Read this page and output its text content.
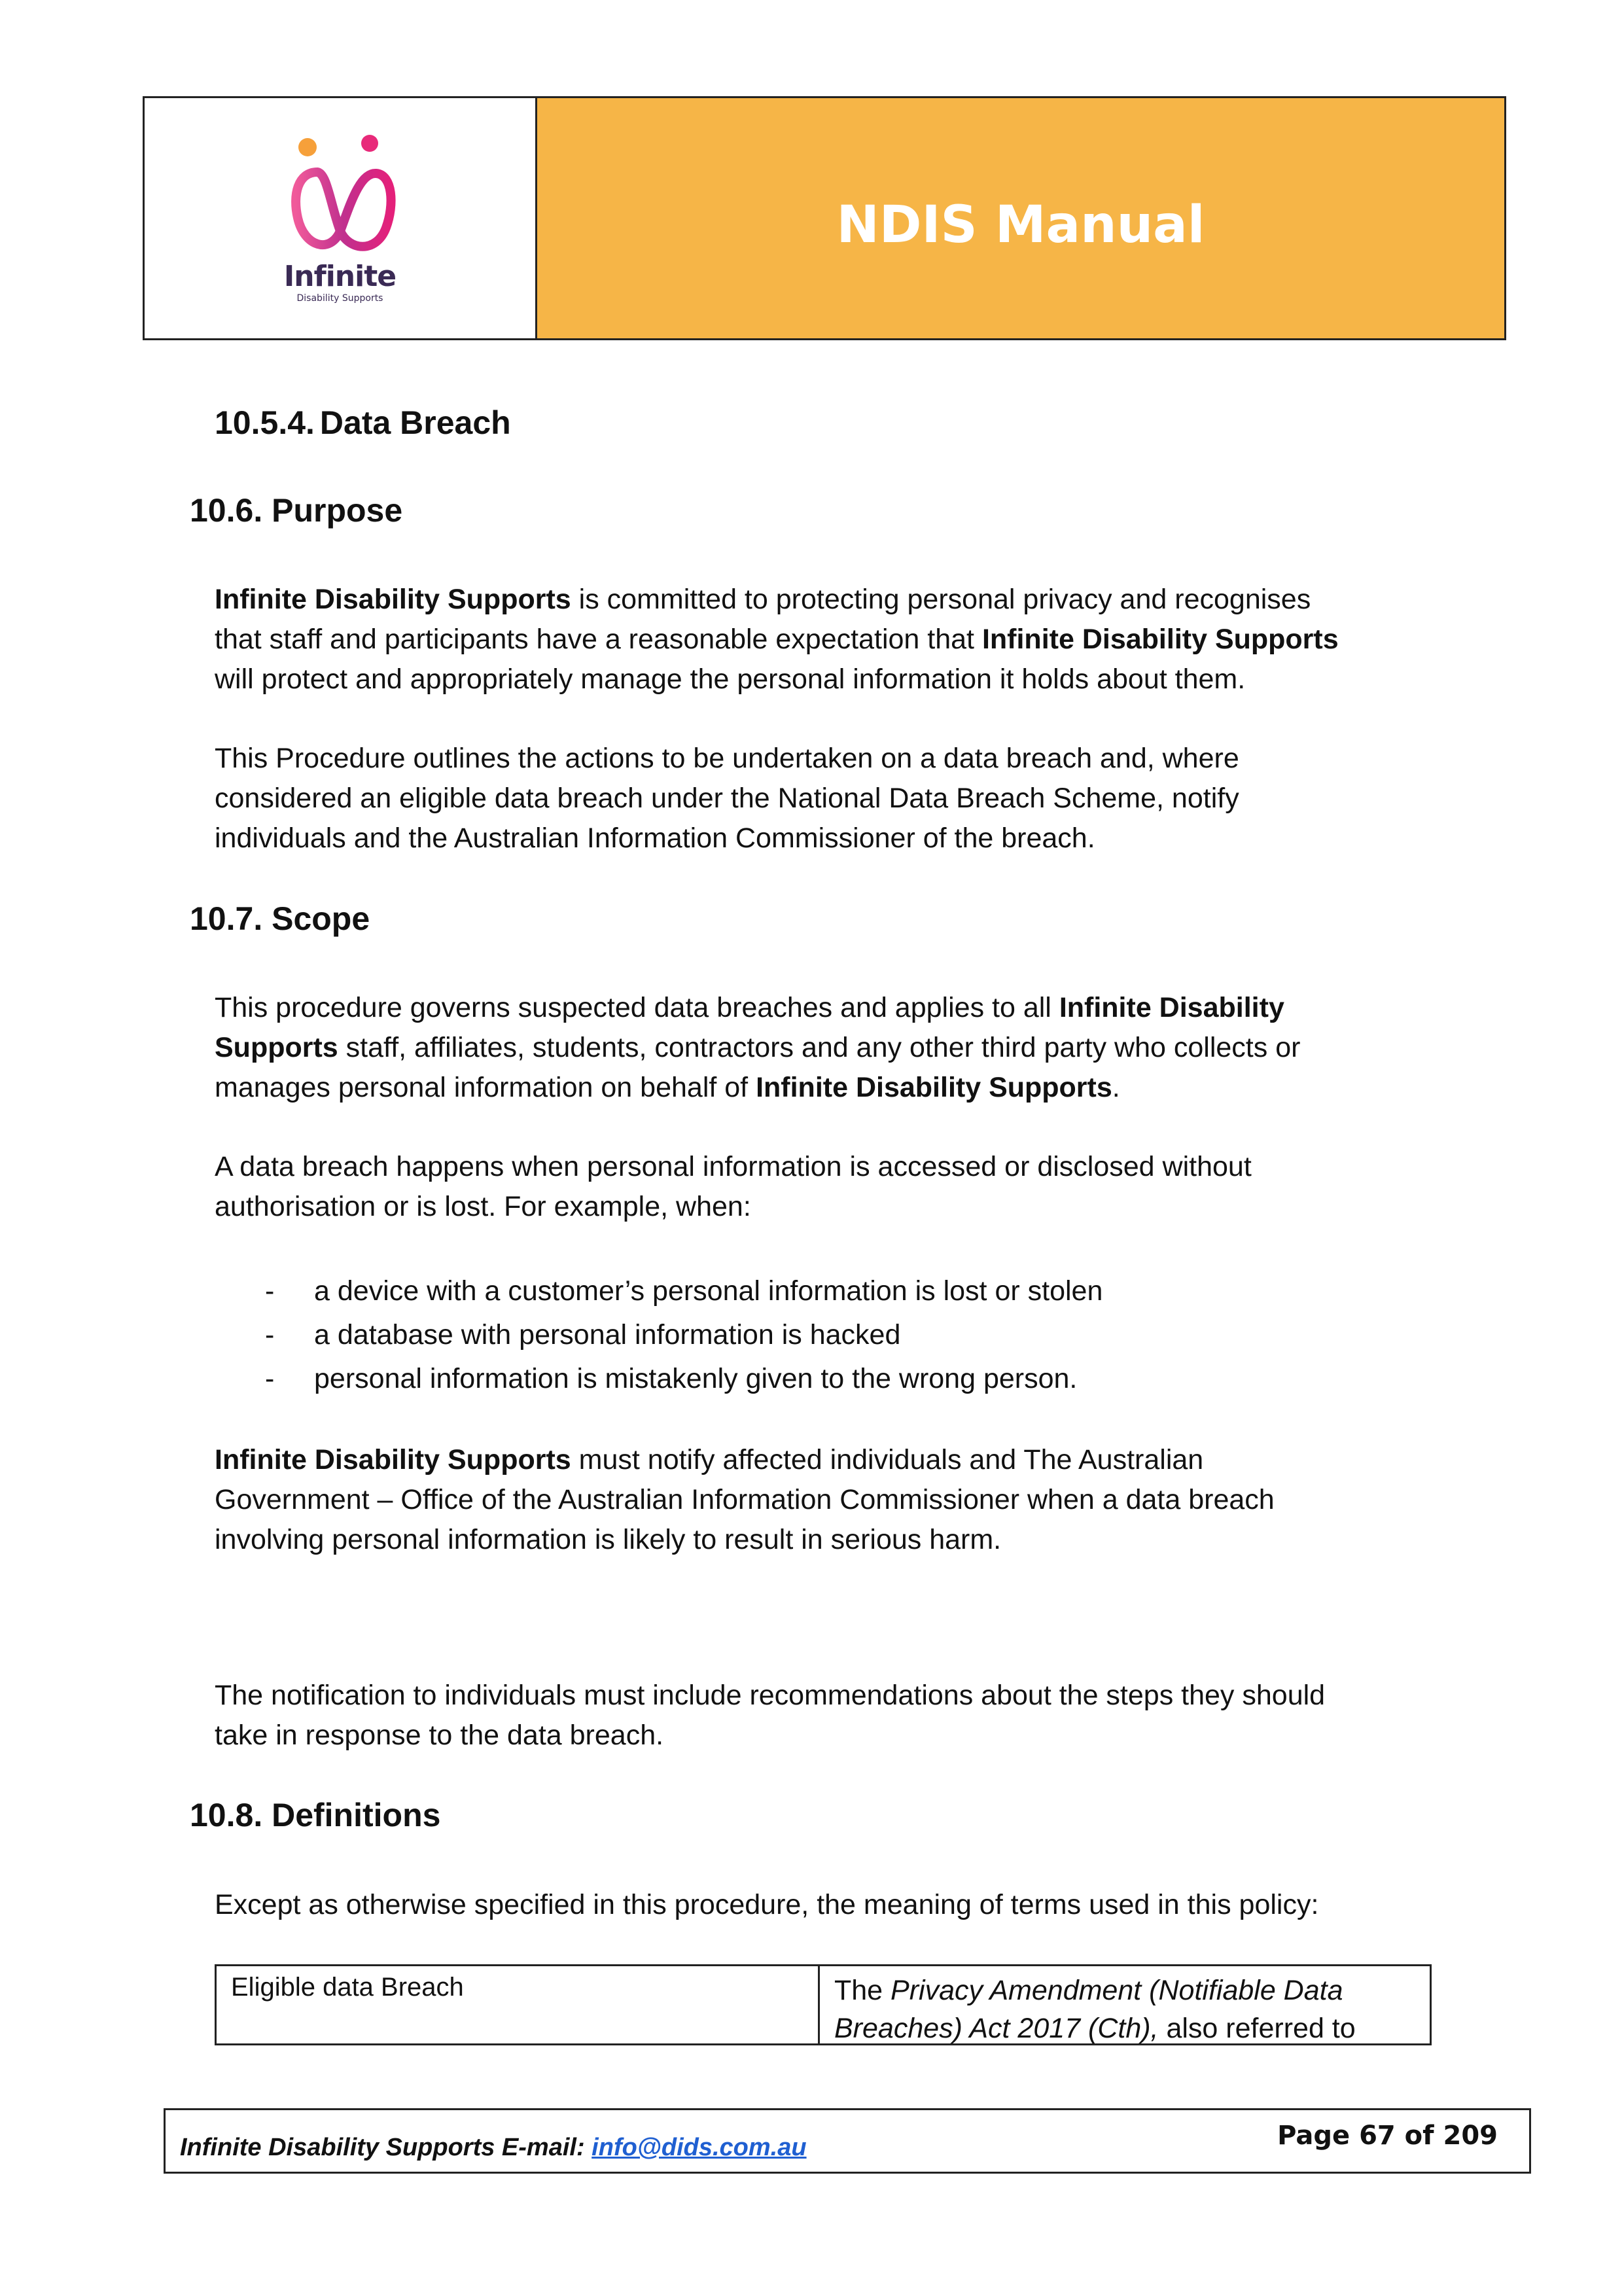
Infinite
Disability Supports
NDIS Manual
10.5.4. Data Breach
10.6. Purpose
Infinite Disability Supports is committed to protecting personal privacy and recognises
that staff and participants have a reasonable expectation that Infinite Disability Supports
will protect and appropriately manage the personal information it holds about them.
This Procedure outlines the actions to be undertaken on a data breach and, where
considered an eligible data breach under the National Data Breach Scheme, notify
individuals and the Australian Information Commissioner of the breach.
10.7. Scope
This procedure governs suspected data breaches and applies to all Infinite Disability
Supports staff, affiliates, students, contractors and any other third party who collects or
manages personal information on behalf of Infinite Disability Supports.
A data breach happens when personal information is accessed or disclosed without
authorisation or is lost. For example, when:
-	a device with a customer’s personal information is lost or stolen
-	a database with personal information is hacked
-	personal information is mistakenly given to the wrong person.
Infinite Disability Supports must notify affected individuals and The Australian
Government – Office of the Australian Information Commissioner when a data breach
involving personal information is likely to result in serious harm.
The notification to individuals must include recommendations about the steps they should
take in response to the data breach.
10.8. Definitions
Except as otherwise specified in this procedure, the meaning of terms used in this policy:
Eligible data Breach	The Privacy Amendment (Notifiable Data
Breaches) Act 2017 (Cth), also referred to
Infinite Disability Supports E-mail: info@dids.com.au	Page 67 of 209
